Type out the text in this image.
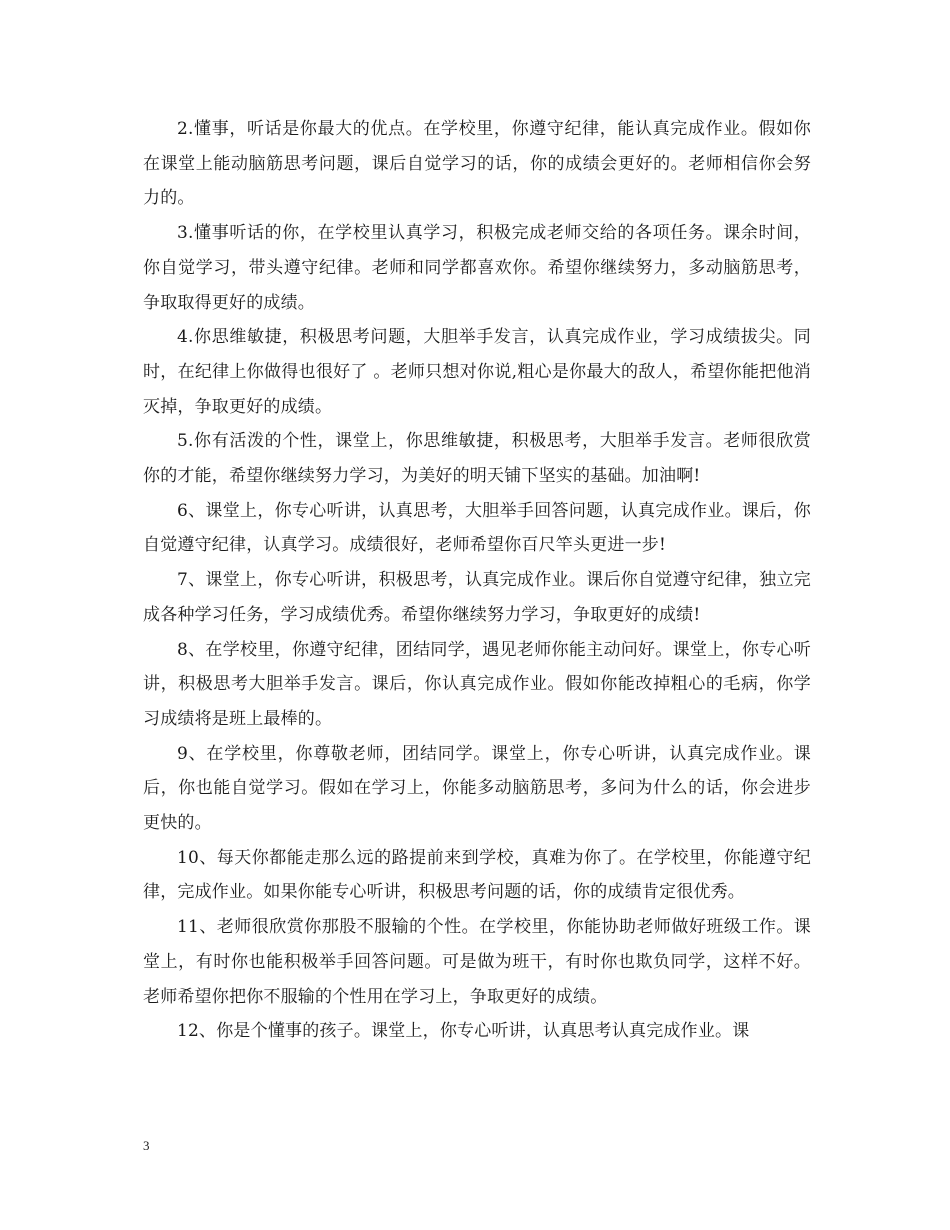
2.懂事，听话是你最大的优点。在学校里，你遵守纪律，能认真完成作业。假如你在课堂上能动脑筋思考问题，课后自觉学习的话，你的成绩会更好的。老师相信你会努力的。

3.懂事听话的你，在学校里认真学习，积极完成老师交给的各项任务。课余时间，你自觉学习，带头遵守纪律。老师和同学都喜欢你。希望你继续努力，多动脑筋思考，争取取得更好的成绩。

4.你思维敏捷，积极思考问题，大胆举手发言，认真完成作业，学习成绩拔尖。同时，在纪律上你做得也很好了 。老师只想对你说,粗心是你最大的敌人，希望你能把他消灭掉，争取更好的成绩。

5.你有活泼的个性，课堂上，你思维敏捷，积极思考，大胆举手发言。老师很欣赏你的才能，希望你继续努力学习，为美好的明天铺下坚实的基础。加油啊!

6、课堂上，你专心听讲，认真思考，大胆举手回答问题，认真完成作业。课后，你自觉遵守纪律，认真学习。成绩很好，老师希望你百尺竿头更进一步!

7、课堂上，你专心听讲，积极思考，认真完成作业。课后你自觉遵守纪律，独立完成各种学习任务，学习成绩优秀。希望你继续努力学习，争取更好的成绩!

8、在学校里，你遵守纪律，团结同学，遇见老师你能主动问好。课堂上，你专心听讲，积极思考大胆举手发言。课后，你认真完成作业。假如你能改掉粗心的毛病，你学习成绩将是班上最棒的。

9、在学校里，你尊敬老师，团结同学。课堂上，你专心听讲，认真完成作业。课后，你也能自觉学习。假如在学习上，你能多动脑筋思考，多问为什么的话，你会进步更快的。

10、每天你都能走那么远的路提前来到学校，真难为你了。在学校里，你能遵守纪律，完成作业。如果你能专心听讲，积极思考问题的话，你的成绩肯定很优秀。

11、老师很欣赏你那股不服输的个性。在学校里，你能协助老师做好班级工作。课堂上，有时你也能积极举手回答问题。可是做为班干，有时你也欺负同学，这样不好。老师希望你把你不服输的个性用在学习上，争取更好的成绩。

12、你是个懂事的孩子。课堂上，你专心听讲，认真思考认真完成作业。课

3
